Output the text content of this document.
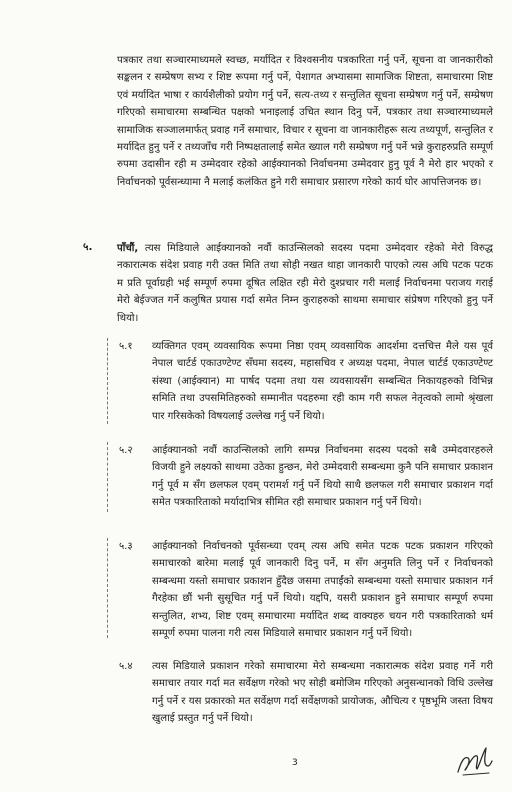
पत्रकार तथा सञ्चारमाध्यमले स्वच्छ, मर्यादित र विश्वसनीय पत्रकारिता गर्नु पर्ने, सूचना वा जानकारीको सङ्कलन र सम्प्रेषण सभ्य र शिष्ट रूपमा गर्नु पर्ने, पेशागत अभ्यासमा सामाजिक शिष्टता, समाचारमा शिष्ट एवं मर्यादित भाषा र कार्यशैलीको प्रयोग गर्नु पर्ने, सत्य-तथ्य र सन्तुलित सूचना सम्प्रेषण गर्नु पर्ने, सम्प्रेषण गरिएको समाचारमा सम्बन्धित पक्षको भनाइलाई उचित स्थान दिनु पर्ने, पत्रकार तथा सञ्चारमाध्यमले सामाजिक सञ्जालमार्फत् प्रवाह गर्ने समाचार, विचार र सूचना वा जानकारीहरू सत्य तथ्यपूर्ण, सन्तुलित र मर्यादित हुनु पर्ने र तथ्यजाँच गरी निष्पक्षतालाई समेत ख्याल गरी सम्प्रेषण गर्नु पर्ने भन्ने कुराहरुप्रति सम्पूर्ण रुपमा उदासीन रही म उम्मेदवार रहेको आईक्यानको निर्वाचनमा उम्मेदवार हुनु पूर्व नै मेरो हार भएको र निर्वाचनको पूर्वसन्ध्यामा नै मलाई कलंकित हुने गरी समाचार प्रसारण गरेको कार्य घोर आपत्तिजनक छ।

५. पाँचौं, त्यस मिडियाले आईक्यानको नवौं काउन्सिलको सदस्य पदमा उम्मेदवार रहेको मेरो विरुद्ध नकारात्मक संदेश प्रवाह गरी उक्त मिति तथा सोही नखत थाहा जानकारी पाएको त्यस अघि पटक पटक म प्रति पूर्वाग्रही भई सम्पूर्ण रुपमा दूषित लक्षित रही मेरो दुश्प्रचार गरी मलाई निर्वाचनमा पराजय गराई मेरो बेईज्जत गर्ने कलुषित प्रयास गर्दा समेत निम्न कुराहरुको साथमा समाचार संप्रेषण गरिएको हुनु पर्ने थियो।

५.१ व्यक्तिगत एवम् व्यवसायिक रूपमा निष्ठा एवम् व्यवसायिक आदर्शमा दत्तचित्त मैले यस पूर्व नेपाल चार्टर्ड एकाउण्टेण्ट सँघमा सदस्य, महासचिव र अध्यक्ष पदमा, नेपाल चार्टर्ड एकाउण्टेण्ट संस्था (आईक्यान) मा पार्षद पदमा तथा यस व्यवसायसँग सम्बन्धित निकायहरुको विभिन्न समिति तथा उपसमितिहरुको सम्मानीत पदहरुमा रही काम गरी सफल नेतृत्वको लामो श्रृंखला पार गरिसकेको विषयलाई उल्लेख गर्नु पर्ने थियो।

५.२ आईक्यानको नवौं काउन्सिलको लागि सम्पन्न निर्वाचनमा सदस्य पदको सबै उम्मेदवारहरुले विजयी हुने लक्ष्यको साथमा उठेका हुन्छन, मेरो उम्मेदवारी सम्बन्धमा कुनै पनि समाचार प्रकाशन गर्नु पूर्व म सँग छलफल एवम् परामर्श गर्नु पर्ने थियो साथै छलफल गरी समाचार प्रकाशन गर्दा समेत पत्रकारिताको मर्यादाभित्र सीमित रही समाचार प्रकाशन गर्नु पर्ने थियो।

५.३ आईक्यानको निर्वाचनको पूर्वसन्ध्या एवम् त्यस अघि समेत पटक पटक प्रकाशन गरिएको समाचारको बारेमा मलाई पूर्व जानकारी दिनु पर्ने, म सँग अनुमति लिनु पर्ने र निर्वाचनको सम्बन्धमा यस्तो समाचार प्रकाशन हुँदैछ जसमा तपाईंको सम्बन्धमा यस्तो समाचार प्रकाशन गर्न गैरहेका छौं भनी सुसूचित गर्नु पर्ने थियो। यद्दपि, यसरी प्रकाशन हुने समाचार सम्पूर्ण रुपमा सन्तुलित, शभ्य, शिष्ट एवम् समाचारमा मर्यादित शब्द वाक्यहरु चयन गरी पत्रकारिताको धर्म सम्पूर्ण रुपमा पालना गरी त्यस मिडियाले समाचार प्रकाशन गर्नु पर्ने थियो।

५.४ त्यस मिडियाले प्रकाशन गरेको समाचारमा मेरो सम्बन्धमा नकारात्मक संदेश प्रवाह गर्ने गरी समाचार तयार गर्दा मत सर्वेक्षण गरेको भए सोही बमोजिम गरिएको अनुसन्धानको विधि उल्लेख गर्नु पर्ने र यस प्रकारको मत सर्वेक्षण गर्दा सर्वेक्षणको प्रायोजक, औचित्य र पृष्ठभूमि जस्ता विषय खुलाई प्रस्तुत गर्नु पर्ने थियो।

3
